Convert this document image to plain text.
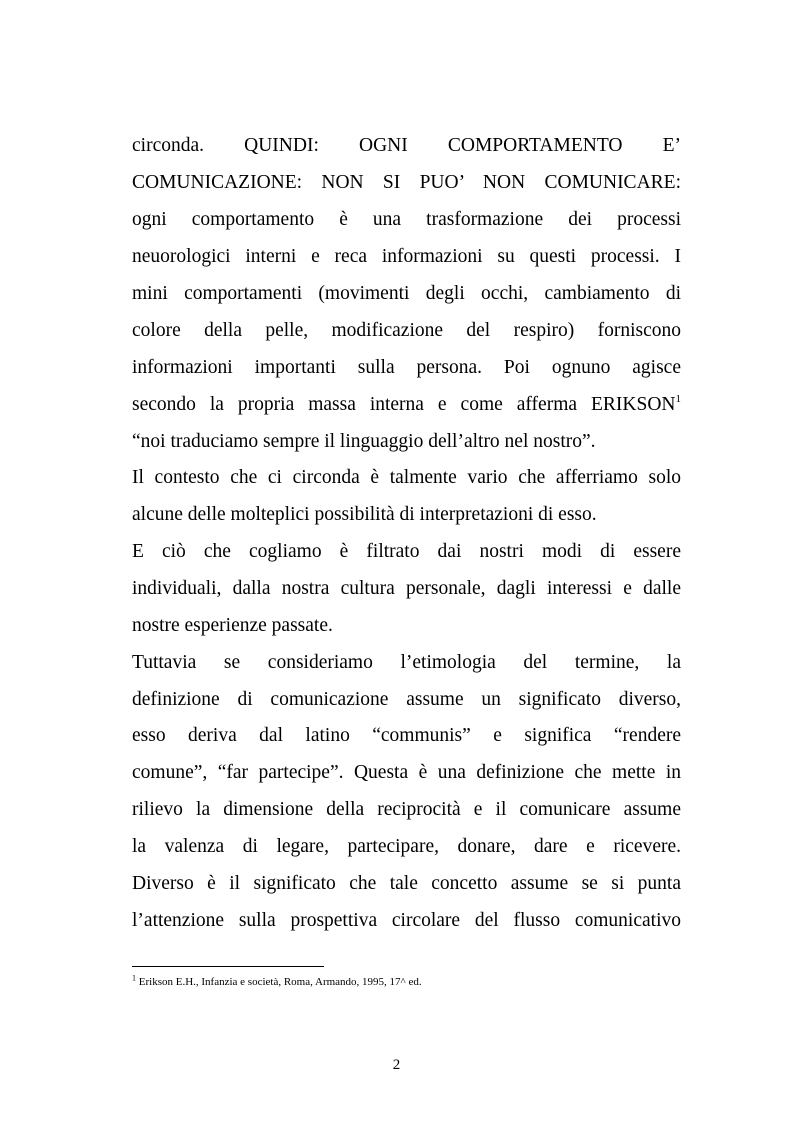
circonda. QUINDI: OGNI COMPORTAMENTO E’
COMUNICAZIONE: NON SI PUO’ NON COMUNICARE:
ogni comportamento è una trasformazione dei processi
neuorologici interni e reca informazioni su questi processi. I
mini comportamenti (movimenti degli occhi, cambiamento di
colore della pelle, modificazione del respiro) forniscono
informazioni importanti sulla persona. Poi ognuno agisce
secondo la propria massa interna e come afferma ERIKSON$^1$
“noi traduciamo sempre il linguaggio dell’altro nel nostro”.
Il contesto che ci circonda è talmente vario che afferriamo solo
alcune delle molteplici possibilità di interpretazioni di esso.
E ciò che cogliamo è filtrato dai nostri modi di essere
individuali, dalla nostra cultura personale, dagli interessi e dalle
nostre esperienze passate.
Tuttavia se consideriamo l’etimologia del termine, la
definizione di comunicazione assume un significato diverso,
esso deriva dal latino “communis” e significa “rendere
comune”, “far partecipe”. Questa è una definizione che mette in
rilievo la dimensione della reciprocità e il comunicare assume
la valenza di legare, partecipare, donare, dare e ricevere.
Diverso è il significato che tale concetto assume se si punta
l’attenzione sulla prospettiva circolare del flusso comunicativo
$^1$ Erikson E.H., Infanzia e società, Roma, Armando, 1995, 17^ ed.
2
